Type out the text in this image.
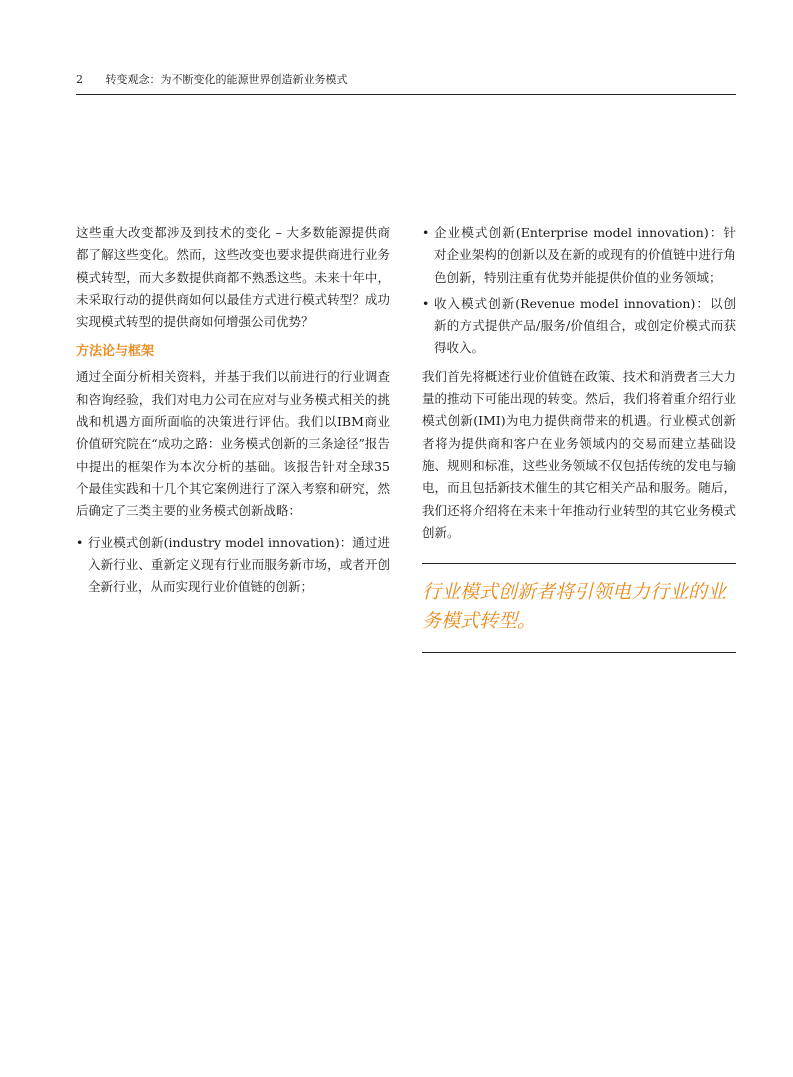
2 转变观念：为不断变化的能源世界创造新业务模式

这些重大改变都涉及到技术的变化 – 大多数能源提供商都了解这些变化。然而，这些改变也要求提供商进行业务模式转型，而大多数提供商都不熟悉这些。未来十年中，未采取行动的提供商如何以最佳方式进行模式转型？成功实现模式转型的提供商如何增强公司优势？

方法论与框架

通过全面分析相关资料，并基于我们以前进行的行业调查和咨询经验，我们对电力公司在应对与业务模式相关的挑战和机遇方面所面临的决策进行评估。我们以IBM商业价值研究院在“成功之路：业务模式创新的三条途径”报告中提出的框架作为本次分析的基础。该报告针对全球35个最佳实践和十几个其它案例进行了深入考察和研究，然后确定了三类主要的业务模式创新战略：

• 行业模式创新(industry model innovation)：通过进入新行业、重新定义现有行业而服务新市场，或者开创全新行业，从而实现行业价值链的创新；
• 企业模式创新(Enterprise model innovation)：针对企业架构的创新以及在新的或现有的价值链中进行角色创新，特别注重有优势并能提供价值的业务领域；
• 收入模式创新(Revenue model innovation)：以创新的方式提供产品/服务/价值组合，或创定价模式而获得收入。

我们首先将概述行业价值链在政策、技术和消费者三大力量的推动下可能出现的转变。然后，我们将着重介绍行业模式创新(IMI)为电力提供商带来的机遇。行业模式创新者将为提供商和客户在业务领域内的交易而建立基础设施、规则和标准，这些业务领域不仅包括传统的发电与输电，而且包括新技术催生的其它相关产品和服务。随后，我们还将介绍将在未来十年推动行业转型的其它业务模式创新。

行业模式创新者将引领电力行业的业务模式转型。
